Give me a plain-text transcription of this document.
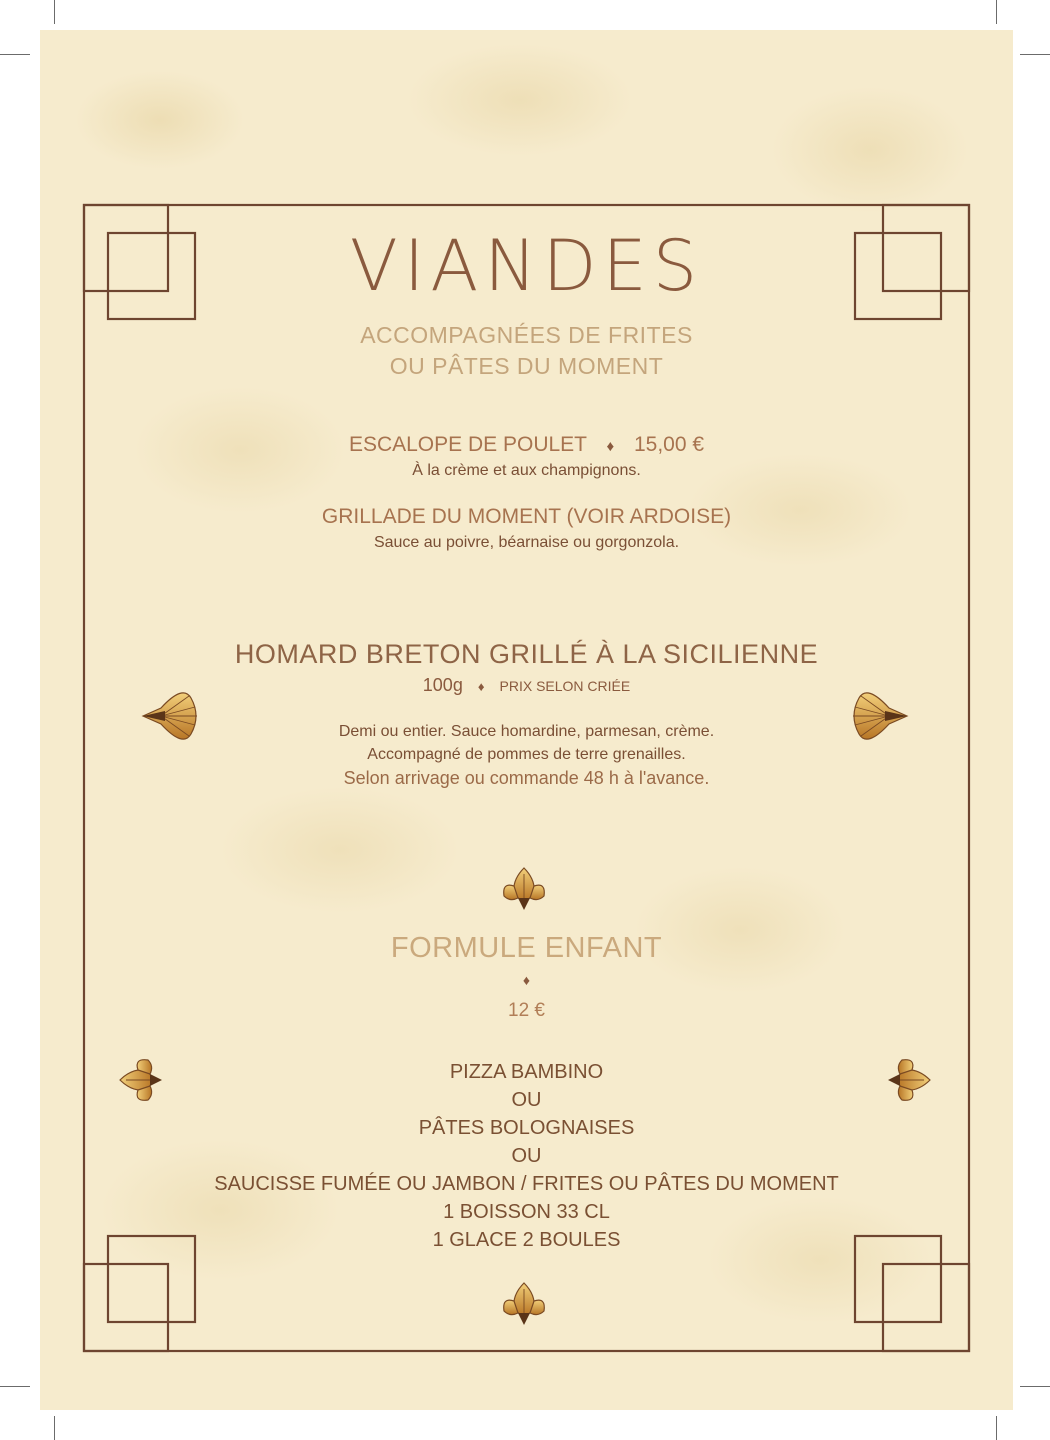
VIANDES

ACCOMPAGNÉES DE FRITES

OU PÂTES DU MOMENT

ESCALOPE DE POULET ♦ 15,00 €

À la crème et aux champignons.

GRILLADE DU MOMENT (VOIR ARDOISE)

Sauce au poivre, béarnaise ou gorgonzola.

HOMARD BRETON GRILLÉ À LA SICILIENNE

100g ♦ PRIX SELON CRIÉE

Demi ou entier. Sauce homardine, parmesan, crème.

Accompagné de pommes de terre grenailles.

Selon arrivage ou commande 48 h à l'avance.

FORMULE ENFANT

♦

12 €

PIZZA BAMBINO
OU
PÂTES BOLOGNAISES
OU
SAUCISSE FUMÉE OU JAMBON / FRITES OU PÂTES DU MOMENT
1 BOISSON 33 CL
1 GLACE 2 BOULES
